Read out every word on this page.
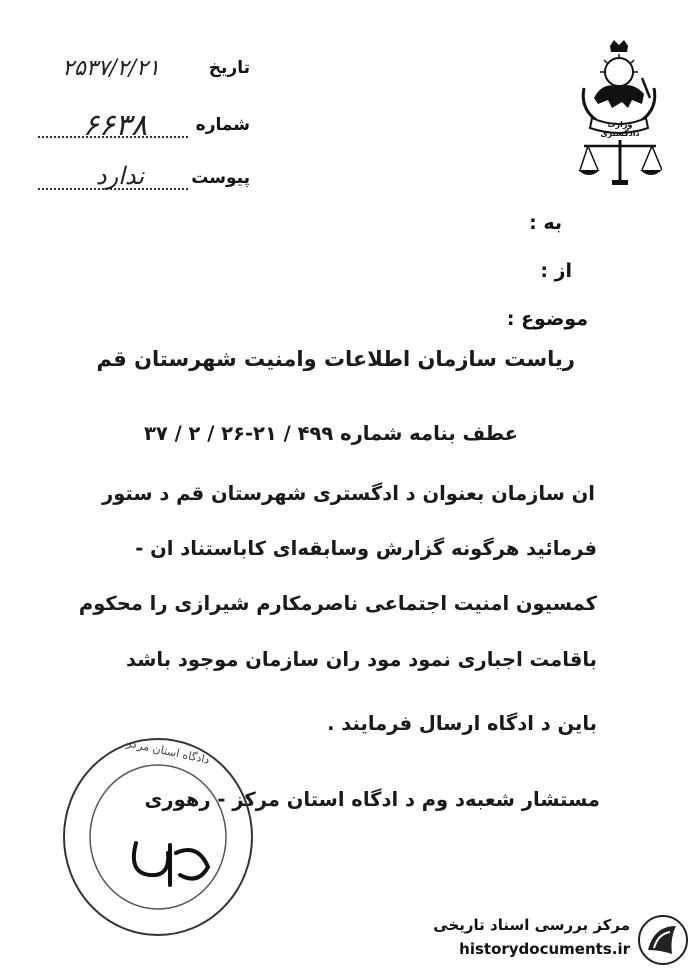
تاریخ
۲۵۳۷/۲/۲۱
شماره
۶۶۳۸
پیوست
ندارد
وزارت دادگستری
به :
از :
موضوع :
ریاست سازمان اطلاعات وامنیت شهرستان قم
عطف بنامه شماره ۴۹۹ / ۲۱-۲۶ / ۲ / ۳۷
ان سازمان بعنوان د ادگستری شهرستان قم د ستور
فرمائید هرگونه گزارش وسابقه‌ای کاباستناد ان -
کمسیون امنیت اجتماعی ناصرمکارم شیرازی را محکوم
باقامت اجباری نمود مود ران سازمان موجود باشد
باین د ادگاه ارسال فرمایند .
مستشار شعبه‌د وم د ادگاه استان مرکز - رهوری
دادگاه استان مرکز
مرکز بررسی اسناد تاریخی
historydocuments.ir
